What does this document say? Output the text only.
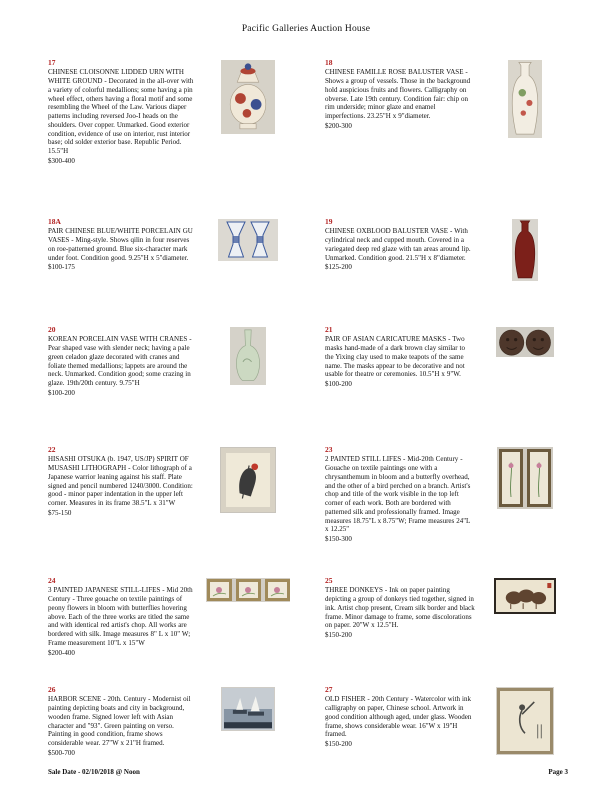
Pacific Galleries Auction House
17
CHINESE CLOISONNE LIDDED URN WITH WHITE GROUND - Decorated in the all-over with a variety of colorful medallions; some having a pin wheel effect, others having a floral motif and some resembling the Wheel of the Law. Various diaper patterns including reversed Joo-I heads on the shoulders. Over copper. Unmarked. Good exterior condition, evidence of use on interior, rust interior base; old solder exterior base. Republic Period. 15.5"H
$300-400
18
CHINESE FAMILLE ROSE BALUSTER VASE - Shows a group of vessels. Those in the background hold auspicious fruits and flowers. Calligraphy on obverse. Late 19th century. Condition fair: chip on rim underside; minor glaze and enamel imperfections. 23.25"H x 9"diameter.
$200-300
18A
PAIR CHINESE BLUE/WHITE PORCELAIN GU VASES - Ming-style. Shows qilin in four reserves on roe-patterned ground. Blue six-character mark under foot. Condition good. 9.25"H x 5"diameter.
$100-175
19
CHINESE OXBLOOD BALUSTER VASE - With cylindrical neck and cupped mouth. Covered in a variegated deep red glaze with tan areas around lip. Unmarked. Condition good. 21.5"H x 8"diameter.
$125-200
20
KOREAN PORCELAIN VASE WITH CRANES - Pear shaped vase with slender neck; having a pale green celadon glaze decorated with cranes and foliate themed medallions; lappets are around the neck. Unmarked. Condition good; some crazing in glaze. 19th/20th century. 9.75"H
$100-200
21
PAIR OF ASIAN CARICATURE MASKS - Two masks hand-made of a dark brown clay similar to the Yixing clay used to make teapots of the same name. The masks appear to be decorative and not usable for theatre or ceremonies. 10.5"H x 9"W.
$100-200
22
HISASHI OTSUKA (b. 1947, US/JP) SPIRIT OF MUSASHI LITHOGRAPH - Color lithograph of a Japanese warrior leaning against his staff. Plate signed and pencil numbered 1240/3000. Condition: good - minor paper indentation in the upper left corner. Measures in its frame 38.5"L x 31"W
$75-150
23
2 PAINTED STILL LIFES - Mid-20th Century - Gouache on textile paintings one with a chrysanthemum in bloom and a butterfly overhead, and the other of a bird perched on a branch. Artist's chop and title of the work visible in the top left corner of each work. Both are bordered with patterned silk and professionally framed. Image measures 18.75"L x 8.75"W; Frame measures 24"L x 12.25"
$150-300
24
3 PAINTED JAPANESE STILL-LIFES - Mid 20th Century - Three gouache on textile paintings of peony flowers in bloom with butterflies hovering above. Each of the three works are titled the same and with identical red artist's chop. All works are bordered with silk. Image measures 8" L x 10" W; Frame measurement 10"L x 15"W
$200-400
25
THREE DONKEYS - Ink on paper painting depicting a group of donkeys tied together, signed in ink. Artist chop present, Cream silk border and black frame. Minor damage to frame, some discolorations on paper. 20"W x 12.5"H.
$150-200
26
HARBOR SCENE - 20th. Century - Modernist oil painting depicting boats and city in background, wooden frame. Signed lower left with Asian character and "93". Green painting on verso. Painting in good condition, frame shows considerable wear. 27"W x 21"H framed.
$500-700
27
OLD FISHER - 20th Century - Watercolor with ink calligraphy on paper, Chinese school. Artwork in good condition although aged, under glass. Wooden frame, shows considerable wear. 16"W x 19"H framed.
$150-200
Sale Date - 02/10/2018 @ Noon	Page 3
